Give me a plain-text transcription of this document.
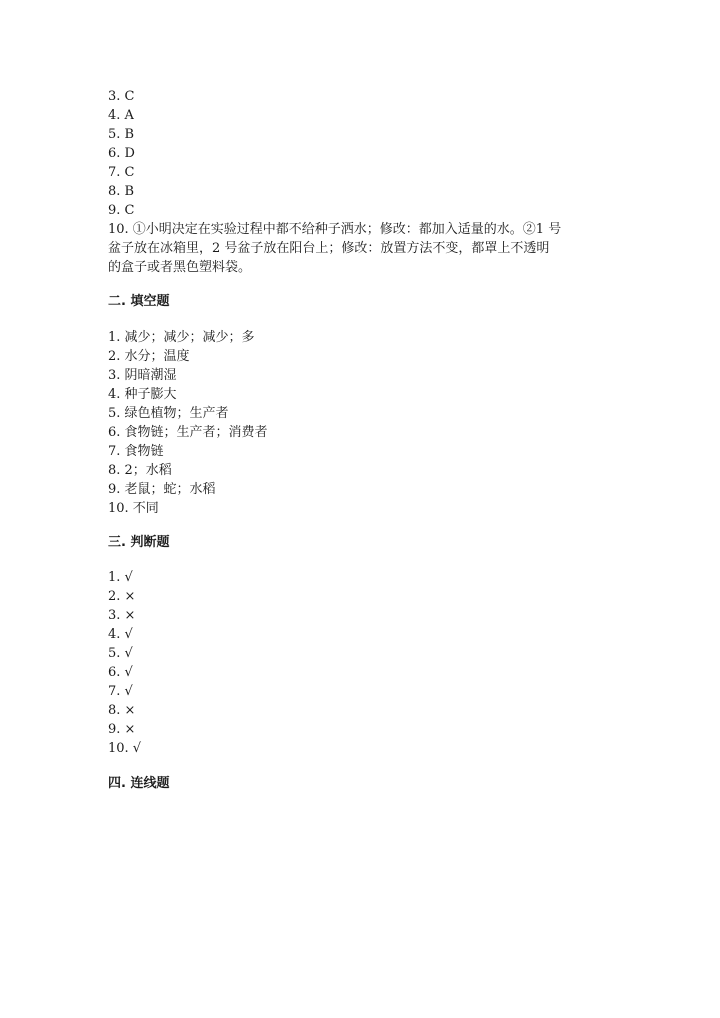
3. C
4. A
5. B
6. D
7. C
8. B
9. C
10. ①小明决定在实验过程中都不给种子洒水；修改：都加入适量的水。②1 号
盆子放在冰箱里，2 号盆子放在阳台上；修改：放置方法不变，都罩上不透明
的盒子或者黑色塑料袋。
二. 填空题
1. 减少；减少；减少；多
2. 水分；温度
3. 阴暗潮湿
4. 种子膨大
5. 绿色植物；生产者
6. 食物链；生产者；消费者
7. 食物链
8. 2；水稻
9. 老鼠；蛇；水稻
10. 不同
三. 判断题
1. √
2. ×
3. ×
4. √
5. √
6. √
7. √
8. ×
9. ×
10. √
四. 连线题
